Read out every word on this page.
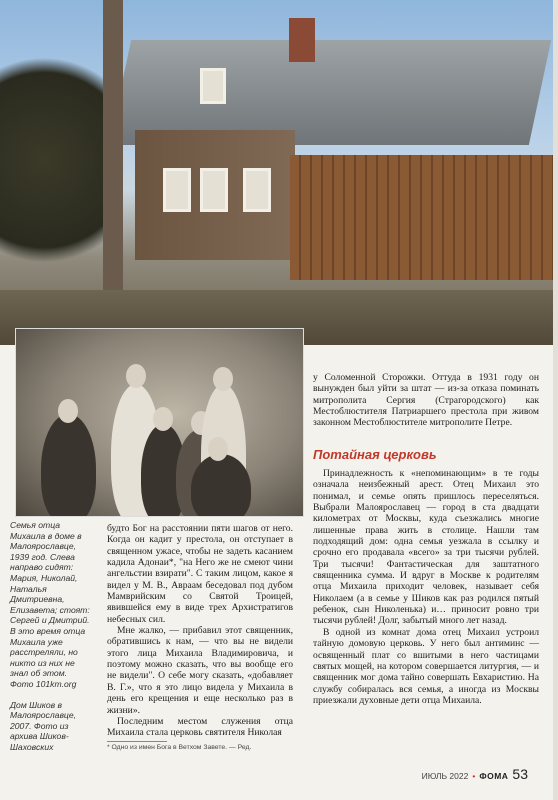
Семья отца Михаила в доме в Малоярославце, 1939 год. Слева направо сидят: Мария, Николай, Наталья Дмитриевна, Елизавета; стоят: Сергей и Дмитрий. В это время отца Михаила уже расстреляли, но никто из них не знал об этом. Фото 101km.org

Дом Шиков в Малоярославце, 2007. Фото из архива Шиков-Шаховских

будто Бог на расстоянии пяти шагов от него. Когда он кадит у престола, он отступает в священном ужасе, чтобы не задеть касанием кадила Адонаи*, "на Него же не смеют чини ангельстии взирати". С таким лицом, какое я видел у М. В., Авраам беседовал под дубом Мамврийским со Святой Троицей, явившейся ему в виде трех Архистратигов небесных сил.

Мне жалко, — прибавил этот священник, обратившись к нам, — что вы не видели этого лица Михаила Владимировича, и поэтому можно сказать, что вы вообще его не видели". О себе могу сказать, «добавляет В. Г.», что я это лицо видела у Михаила в день его крещения и еще несколько раз в жизни».

Последним местом служения отца Михаила стала церковь святителя Николая

у Соломенной Сторожки. Оттуда в 1931 году он вынужден был уйти за штат — из-за отказа поминать митрополита Сергия (Страгородского) как Местоблюстителя Патриаршего престола при живом законном Местоблюстителе митрополите Петре.

Потайная церковь

Принадлежность к «непоминающим» в те годы означала неизбежный арест. Отец Михаил это понимал, и семье опять пришлось переселяться. Выбрали Малоярославец — город в ста двадцати километрах от Москвы, куда съезжались многие лишенные права жить в столице. Нашли там подходящий дом: одна семья уезжала в ссылку и срочно его продавала «всего» за три тысячи рублей. Три тысячи! Фантастическая для заштатного священника сумма. И вдруг в Москве к родителям отца Михаила приходит человек, называет себя Николаем (а в семье у Шиков как раз родился пятый ребенок, сын Николенька) и… приносит ровно три тысячи рублей! Долг, забытый много лет назад.

В одной из комнат дома отец Михаил устроил тайную домовую церковь. У него был антиминс — освященный плат со вшитыми в него частицами святых мощей, на котором совершается литургия, — и священник мог дома тайно совершать Евхаристию. На службу собиралась вся семья, а иногда из Москвы приезжали духовные дети отца Михаила.

* Одно из имен Бога в Ветхом Завете. — Ред.
ИЮЛЬ 2022 • ФОМА 53
